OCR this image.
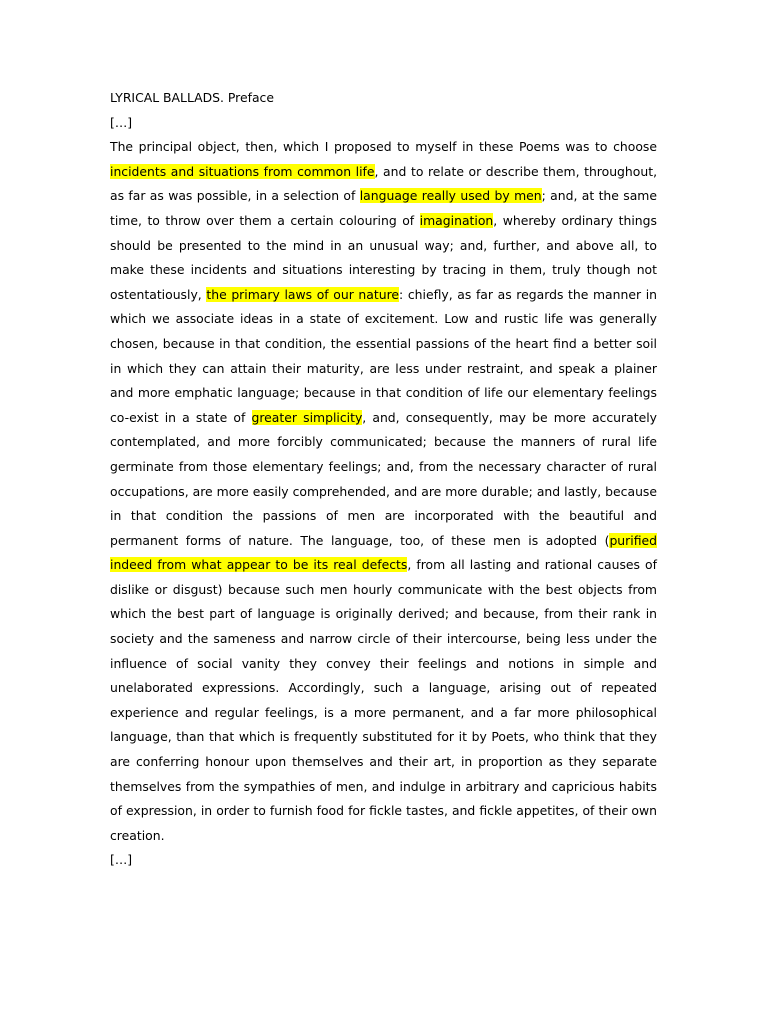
LYRICAL BALLADS. Preface

[…]

The principal object, then, which I proposed to myself in these Poems was to choose incidents and situations from common life, and to relate or describe them, throughout, as far as was possible, in a selection of language really used by men; and, at the same time, to throw over them a certain colouring of imagination, whereby ordinary things should be presented to the mind in an unusual way; and, further, and above all, to make these incidents and situations interesting by tracing in them, truly though not ostentatiously, the primary laws of our nature: chiefly, as far as regards the manner in which we associate ideas in a state of excitement. Low and rustic life was generally chosen, because in that condition, the essential passions of the heart find a better soil in which they can attain their maturity, are less under restraint, and speak a plainer and more emphatic language; because in that condition of life our elementary feelings co-exist in a state of greater simplicity, and, consequently, may be more accurately contemplated, and more forcibly communicated; because the manners of rural life germinate from those elementary feelings; and, from the necessary character of rural occupations, are more easily comprehended, and are more durable; and lastly, because in that condition the passions of men are incorporated with the beautiful and permanent forms of nature. The language, too, of these men is adopted (purified indeed from what appear to be its real defects, from all lasting and rational causes of dislike or disgust) because such men hourly communicate with the best objects from which the best part of language is originally derived; and because, from their rank in society and the sameness and narrow circle of their intercourse, being less under the influence of social vanity they convey their feelings and notions in simple and unelaborated expressions. Accordingly, such a language, arising out of repeated experience and regular feelings, is a more permanent, and a far more philosophical language, than that which is frequently substituted for it by Poets, who think that they are conferring honour upon themselves and their art, in proportion as they separate themselves from the sympathies of men, and indulge in arbitrary and capricious habits of expression, in order to furnish food for fickle tastes, and fickle appetites, of their own creation.

[…]
